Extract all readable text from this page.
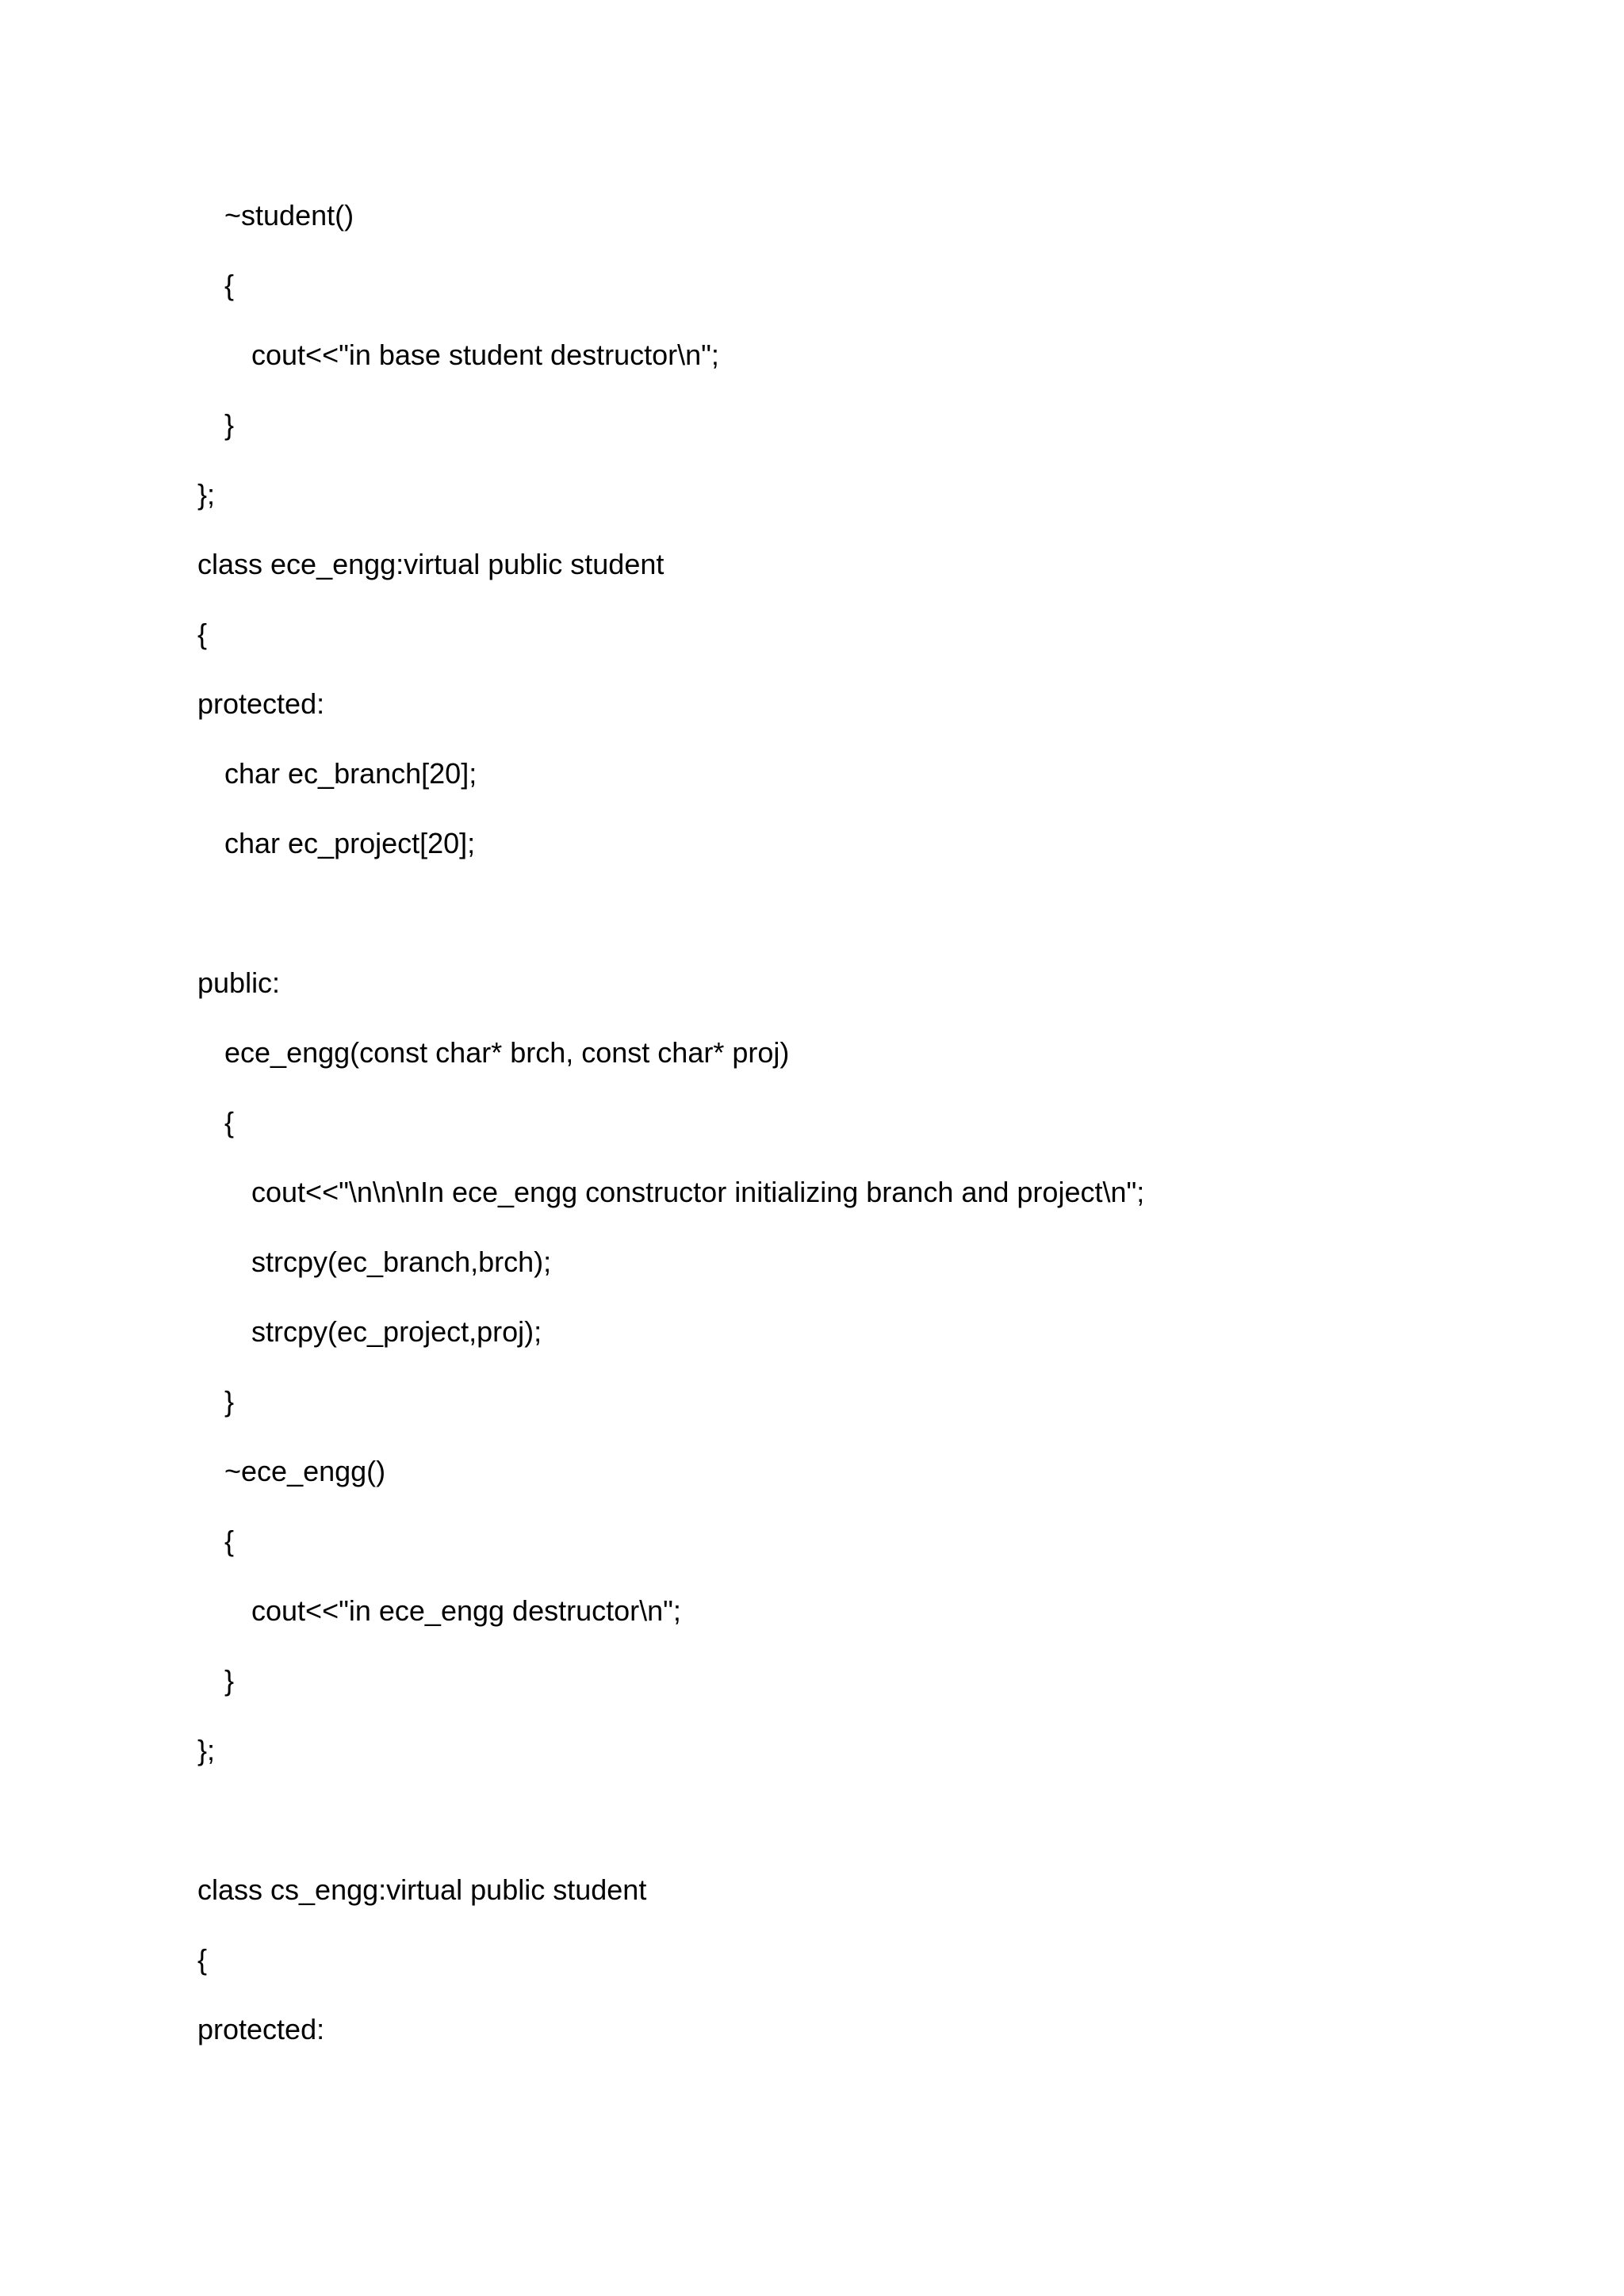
~student()
{
cout<<"in base student destructor\n";
}
};
class ece_engg:virtual public student
{
protected:
char ec_branch[20];
char ec_project[20];
public:
ece_engg(const char* brch, const char* proj)
{
cout<<"\n\n\nIn ece_engg constructor initializing branch and project\n";
strcpy(ec_branch,brch);
strcpy(ec_project,proj);
}
~ece_engg()
{
cout<<"in ece_engg destructor\n";
}
};
class cs_engg:virtual public student
{
protected:
